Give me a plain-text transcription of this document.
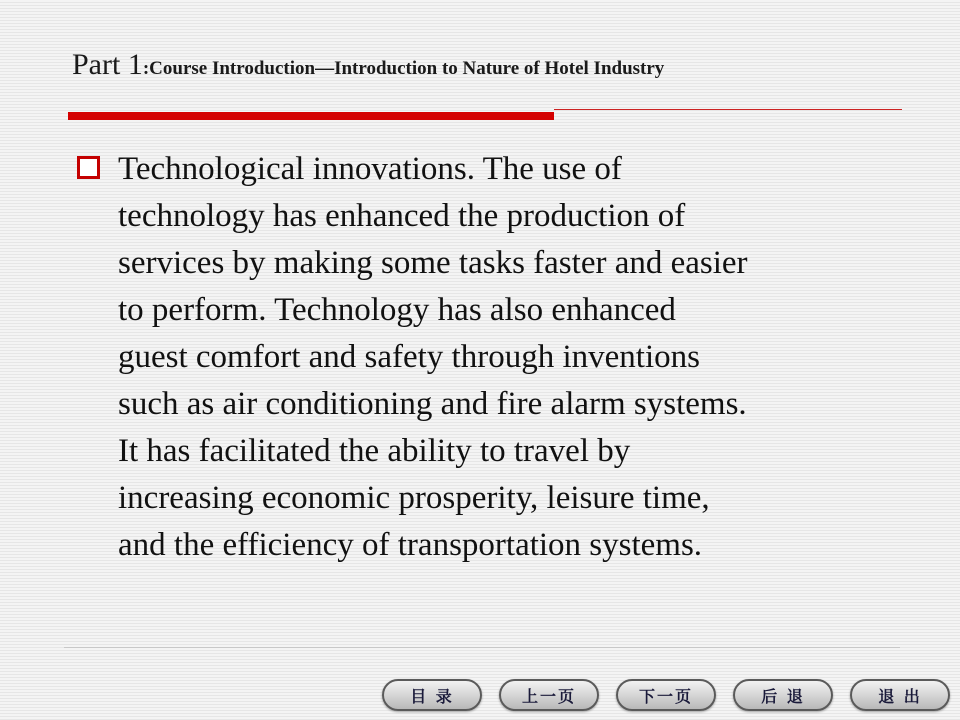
Part 1:Course Introduction—Introduction to Nature of Hotel Industry
Technological innovations. The use of
technology has enhanced the production of
services by making some tasks faster and easier
to perform. Technology has also enhanced
guest comfort and safety through inventions
such as air conditioning and fire alarm systems.
It has facilitated the ability to travel by
increasing economic prosperity, leisure time,
and the efficiency of transportation systems.
目 录	上一页	下一页	后 退	退 出
